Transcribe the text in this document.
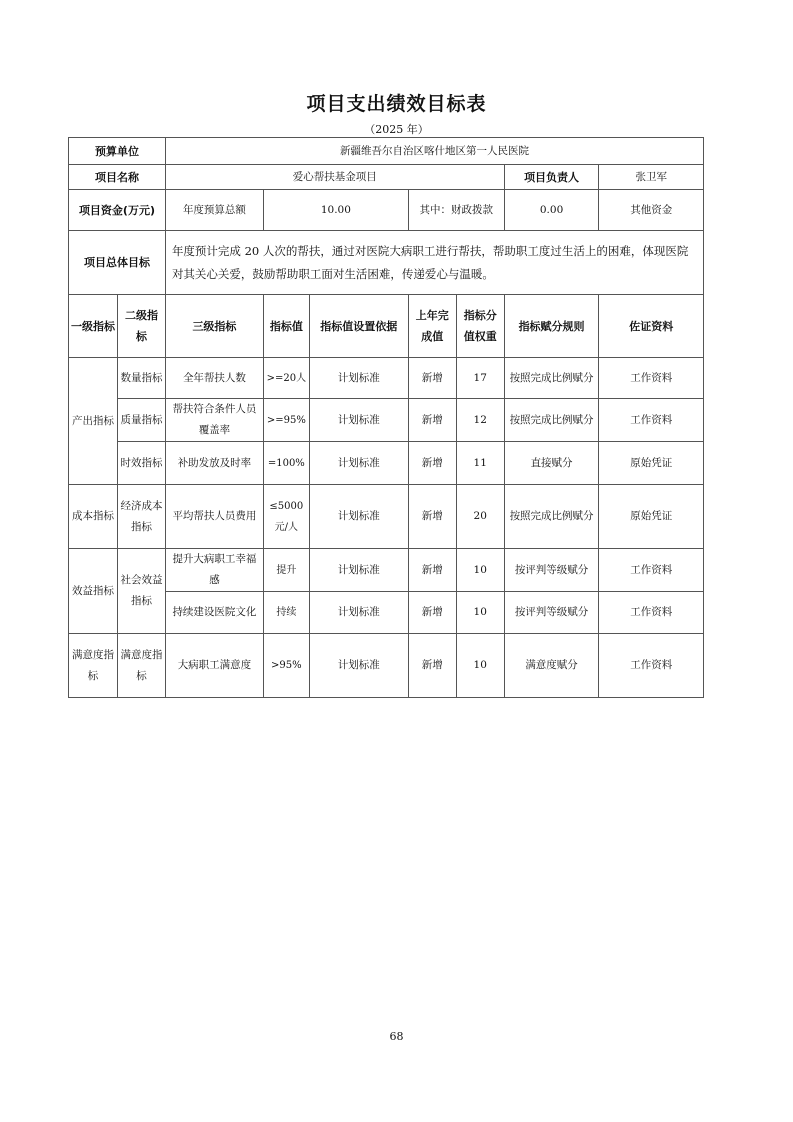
项目支出绩效目标表
（2025 年）
预算单位		新疆维吾尔自治区喀什地区第一人民医院						
项目名称		爱心帮扶基金项目					项目负责人	张卫军
项目资金(万元)		年度预算总额	10.00		其中：财政拨款		0.00	其他资金
项目总体目标		年度预计完成 20 人次的帮扶，通过对医院大病职工进行帮扶，帮助职工度过生活上的困难，体现医院对其关心关爱，鼓励帮助职工面对生活困难，传递爱心与温暖。						
一级指标	二级指标	三级指标	指标值	指标值设置依据	上年完成值	指标分值权重	指标赋分规则	佐证资料
产出指标	数量指标	全年帮扶人数	>=20人	计划标准	新增	17	按照完成比例赋分	工作资料
	质量指标	帮扶符合条件人员覆盖率	>=95%	计划标准	新增	12	按照完成比例赋分	工作资料
	时效指标	补助发放及时率	=100%	计划标准	新增	11	直接赋分	原始凭证
成本指标	经济成本指标	平均帮扶人员费用	≤5000元/人	计划标准	新增	20	按照完成比例赋分	原始凭证
效益指标	社会效益指标	提升大病职工幸福感	提升	计划标准	新增	10	按评判等级赋分	工作资料
		持续建设医院文化	持续	计划标准	新增	10	按评判等级赋分	工作资料
满意度指标	满意度指标	大病职工满意度	>95%	计划标准	新增	10	满意度赋分	工作资料
68
